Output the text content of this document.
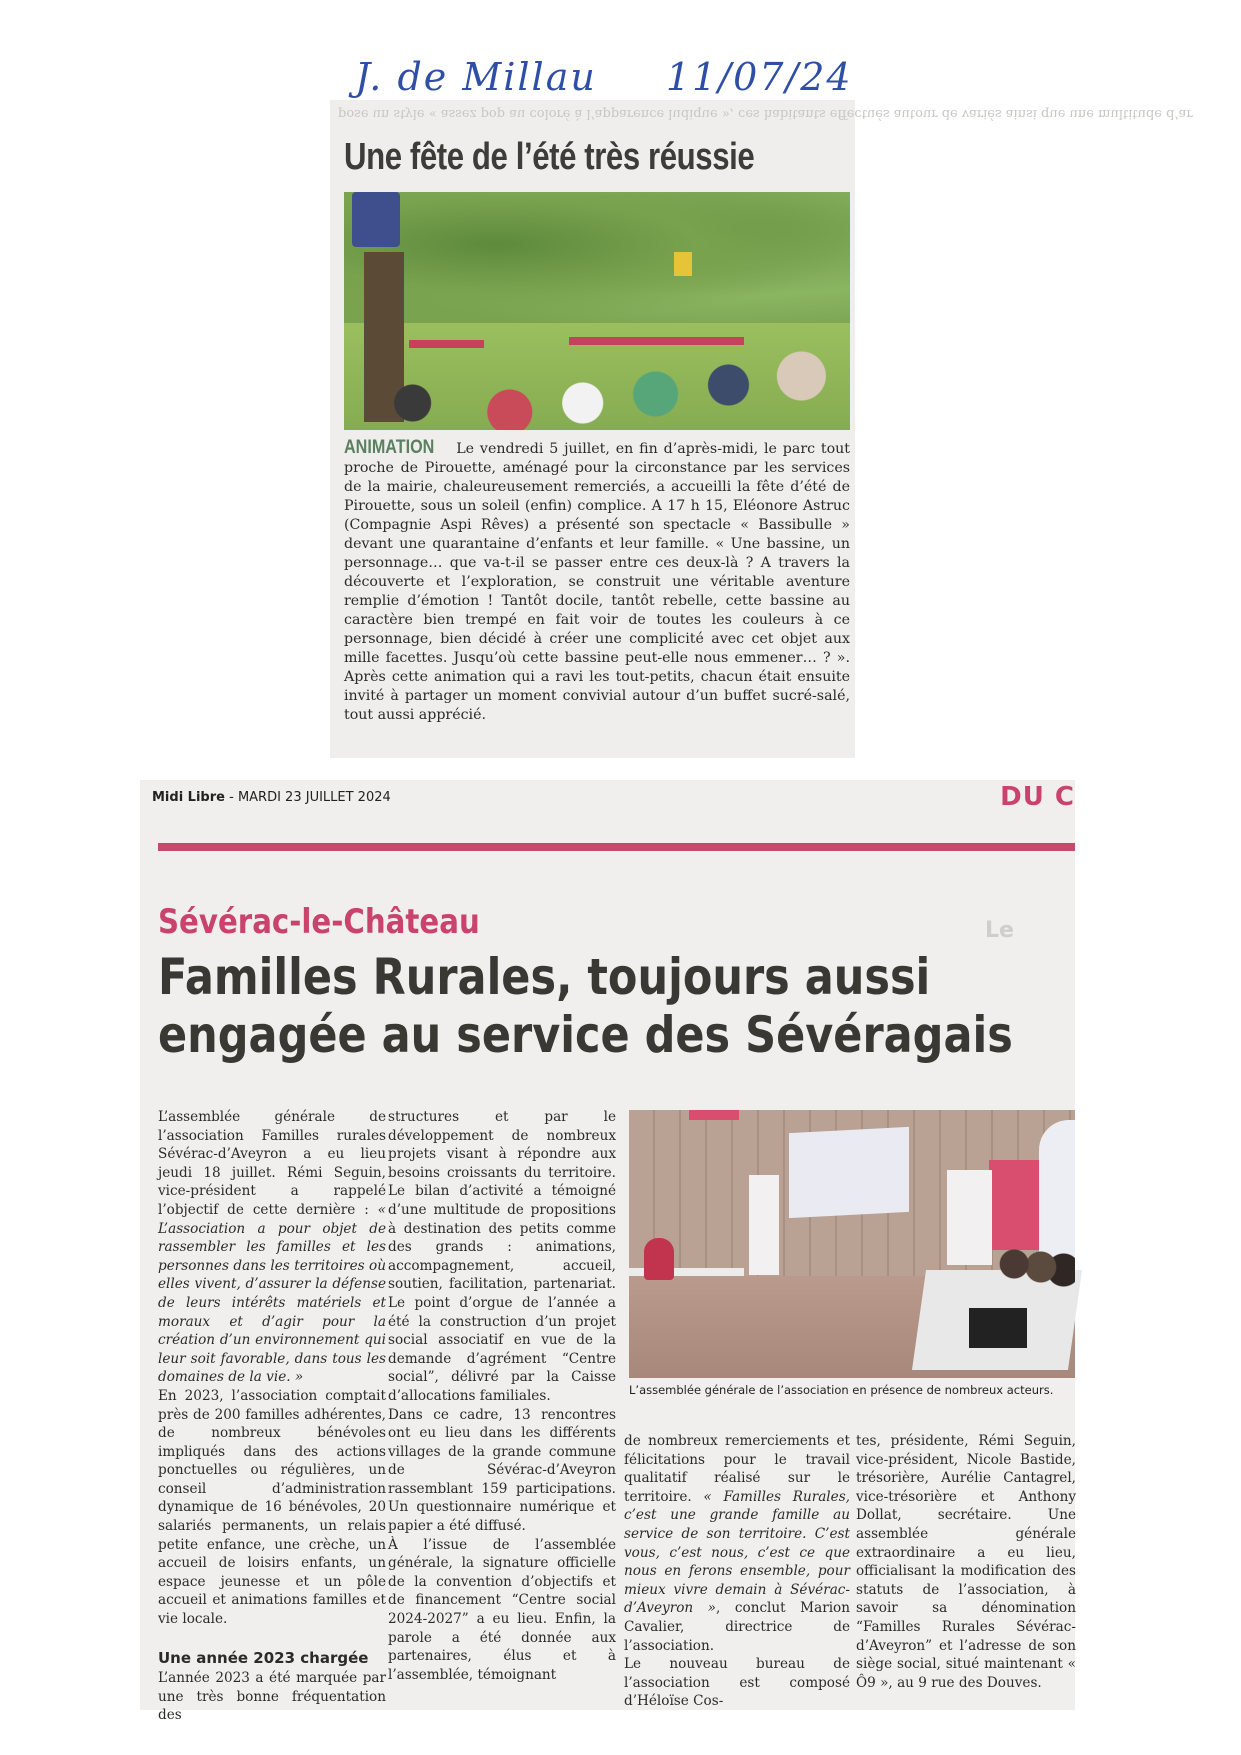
J. de Millau 11/07/24
pose un style « assez pop au coloré à l’apparence ludique », ces habitants effectués autour de variés ainsi que une multitude d’ar
Une fête de l’été très réussie
ANIMATION Le vendredi 5 juillet, en fin d’après-midi, le parc tout proche de Pirouette, aménagé pour la circonstance par les services de la mairie, chaleureusement remerciés, a accueilli la fête d’été de Pirouette, sous un soleil (enfin) complice. A 17 h 15, Eléonore Astruc (Compagnie Aspi Rêves) a présenté son spectacle « Bassibulle » devant une quarantaine d’enfants et leur famille. « Une bassine, un personnage… que va-t-il se passer entre ces deux-là ? A travers la découverte et l’exploration, se construit une véritable aventure remplie d’émotion ! Tantôt docile, tantôt rebelle, cette bassine au caractère bien trempé en fait voir de toutes les couleurs à ce personnage, bien décidé à créer une complicité avec cet objet aux mille facettes. Jusqu’où cette bassine peut-elle nous emmener… ? ». Après cette animation qui a ravi les tout-petits, chacun était ensuite invité à partager un moment convivial autour d’un buffet sucré-salé, tout aussi apprécié.
Midi Libre - MARDI 23 JUILLET 2024	DU C
Le
Sévérac-le-Château
Familles Rurales, toujours aussi engagée au service des Sévéragais

L’assemblée générale de l’association Familles rurales Sévérac-d’Aveyron a eu lieu jeudi 18 juillet. Rémi Seguin, vice-président a rappelé l’objectif de cette dernière : « L’association a pour objet de rassembler les familles et les personnes dans les territoires où elles vivent, d’assurer la défense de leurs intérêts matériels et moraux et d’agir pour la création d’un environnement qui leur soit favorable, dans tous les domaines de la vie. »

En 2023, l’association comptait près de 200 familles adhérentes, de nombreux bénévoles impliqués dans des actions ponctuelles ou régulières, un conseil d’administration dynamique de 16 bénévoles, 20 salariés permanents, un relais petite enfance, une crèche, un accueil de loisirs enfants, un espace jeunesse et un pôle accueil et animations familles et vie locale.

Une année 2023 chargée

L’année 2023 a été marquée par une très bonne fréquentation des

structures et par le développement de nombreux projets visant à répondre aux besoins croissants du territoire. Le bilan d’activité a témoigné d’une multitude de propositions à destination des petits comme des grands : animations, accompagnement, accueil, soutien, facilitation, partenariat. Le point d’orgue de l’année a été la construction d’un projet social associatif en vue de la demande d’agrément “Centre social”, délivré par la Caisse d’allocations familiales.

Dans ce cadre, 13 rencontres ont eu lieu dans les différents villages de la grande commune de Sévérac-d’Aveyron rassemblant 159 participations. Un questionnaire numérique et papier a été diffusé.

À l’issue de l’assemblée générale, la signature officielle de la convention d’objectifs et de financement “Centre social 2024-2027” a eu lieu. Enfin, la parole a été donnée aux partenaires, élus et à l’assemblée, témoignant

L’assemblée générale de l’association en présence de nombreux acteurs.

de nombreux remerciements et félicitations pour le travail qualitatif réalisé sur le territoire. « Familles Rurales, c’est une grande famille au service de son territoire. C’est vous, c’est nous, c’est ce que nous en ferons ensemble, pour mieux vivre demain à Sévérac-d’Aveyron », conclut Marion Cavalier, directrice de l’association.

Le nouveau bureau de l’association est composé d’Héloïse Cos-

tes, présidente, Rémi Seguin, vice-président, Nicole Bastide, trésorière, Aurélie Cantagrel, vice-trésorière et Anthony Dollat, secrétaire. Une assemblée générale extraordinaire a eu lieu, officialisant la modification des statuts de l’association, à savoir sa dénomination “Familles Rurales Sévérac-d’Aveyron” et l’adresse de son siège social, situé maintenant « Ô9 », au 9 rue des Douves.
